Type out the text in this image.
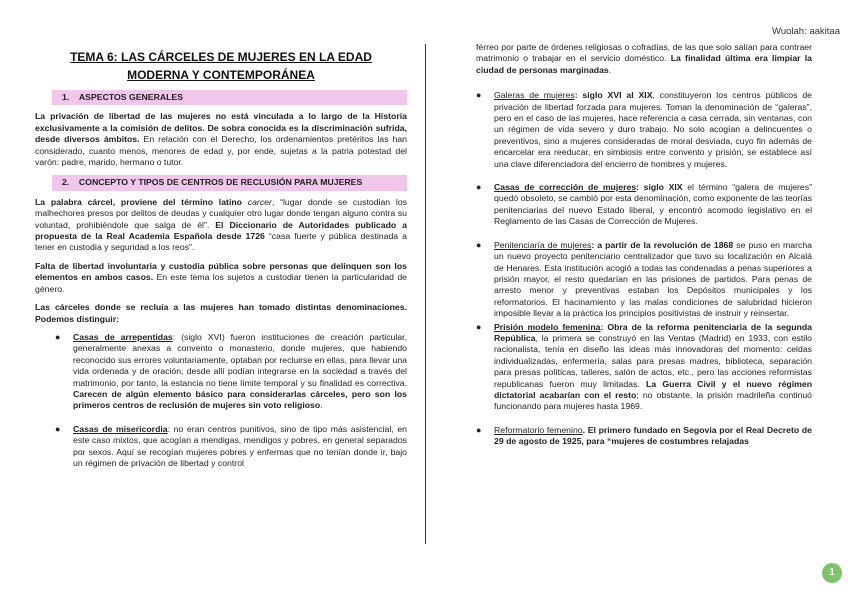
Wuolah: aakitaa
TEMA 6: LAS CÁRCELES DE MUJERES EN LA EDAD
MODERNA Y CONTEMPORÁNEA
1. ASPECTOS GENERALES

La privación de libertad de las mujeres no está vinculada a lo largo de la Historia exclusivamente a la comisión de delitos. De sobra conocida es la discriminación sufrida, desde diversos ámbitos. En relación con el Derecho, los ordenamientos pretéritos las han considerado, cuanto menos, menores de edad y, por ende, sujetas a la patria potestad del varón: padre, marido, hermano o tutor.

2. CONCEPTO Y TIPOS DE CENTROS DE RECLUSIÓN PARA MUJERES

La palabra cárcel, proviene del término latino carcer, “lugar donde se custodian los malhechores presos por delitos de deudas y cualquier otro lugar donde tengan alguno contra su voluntad, prohibiéndole que salga de él”. El Diccionario de Autoridades publicado a propuesta de la Real Academia Española desde 1726 “casa fuerte y pública destinada a tener en custodia y seguridad a los reos”.

Falta de libertad involuntaria y custodia pública sobre personas que delinquen son los elementos en ambos casos. En este tema los sujetos a custodiar tienen la particularidad de género.

Las cárceles donde se recluía a las mujeres han tomado distintas denominaciones. Podemos distinguir:

● Casas de arrepentidas: (siglo XVI) fueron instituciones de creación particular, generalmente anexas a convento o monasterio, donde mujeres, que habiendo reconocido sus errores voluntariamente, optaban por recluirse en ellas, para llevar una vida ordenada y de oración, desde allí podían integrarse en la sociedad a través del matrimonio, por tanto, la estancia no tiene límite temporal y su finalidad es correctiva. Carecen de algún elemento básico para considerarlas cárceles, pero son los primeros centros de reclusión de mujeres sin voto religioso.
● Casas de misericordia: no eran centros punitivos, sino de tipo más asistencial, en este caso mixtos, que acogían a mendigas, mendigos y pobres, en general separados por sexos. Aquí se recogían mujeres pobres y enfermas que no tenían donde ir, bajo un régimen de privación de libertad y control

férreo por parte de órdenes religiosas o cofradías, de las que solo salían para contraer matrimonio o trabajar en el servicio doméstico. La finalidad última era limpiar la ciudad de personas marginadas.

● Galeras de mujeres: siglo XVI al XIX, constituyeron los centros públicos de privación de libertad forzada para mujeres. Toman la denominación de “galeras”, pero en el caso de las mujeres, hace referencia a casa cerrada, sin ventanas, con un régimen de vida severo y duro trabajo. No solo acogían a delincuentes o preventivos, sino a mujeres consideradas de moral desviada, cuyo fin además de encarcelar era reeducar, en simbiosis entre convento y prisión, se establece así una clave diferenciadora del encierro de hombres y mujeres.
● Casas de corrección de mujeres: siglo XIX el término “galera de mujeres” quedó obsoleto, se cambió por esta denominación, como exponente de las teorías penitenciarias del nuevo Estado liberal, y encontró acomodo legislativo en el Reglamento de las Casas de Corrección de Mujeres.
● Penitenciaría de mujeres: a partir de la revolución de 1868 se puso en marcha un nuevo proyecto penitenciario centralizador que tuvo su localización en Alcalá de Henares. Esta institución acogió a todas las condenadas a penas superiores a prisión mayor, el resto quedarían en las prisiones de partidos. Para penas de arresto menor y preventivas estaban los Depósitos municipales y los reformatorios. El hacinamiento y las malas condiciones de salubridad hicieron imposible llevar a la práctica los principios positivistas de instruir y reinsertar.
● Prisión modelo femenina: Obra de la reforma penitenciaria de la segunda República, la primera se construyó en las Ventas (Madrid) en 1933, con estilo racionalista, tenía en diseño las ideas más innovadoras del momento: celdas individualizadas, enfermería, salas para presas madres, biblioteca, separación para presas políticas, talleres, salón de actos, etc., pero las acciones reformistas republicanas fueron muy limitadas. La Guerra Civil y el nuevo régimen dictatorial acabarían con el resto; no obstante, la prisión madrileña continuó funcionando para mujeres hasta 1969.
● Reformatorio femenino. El primero fundado en Segovia por el Real Decreto de 29 de agosto de 1925, para “mujeres de costumbres relajadas
1
